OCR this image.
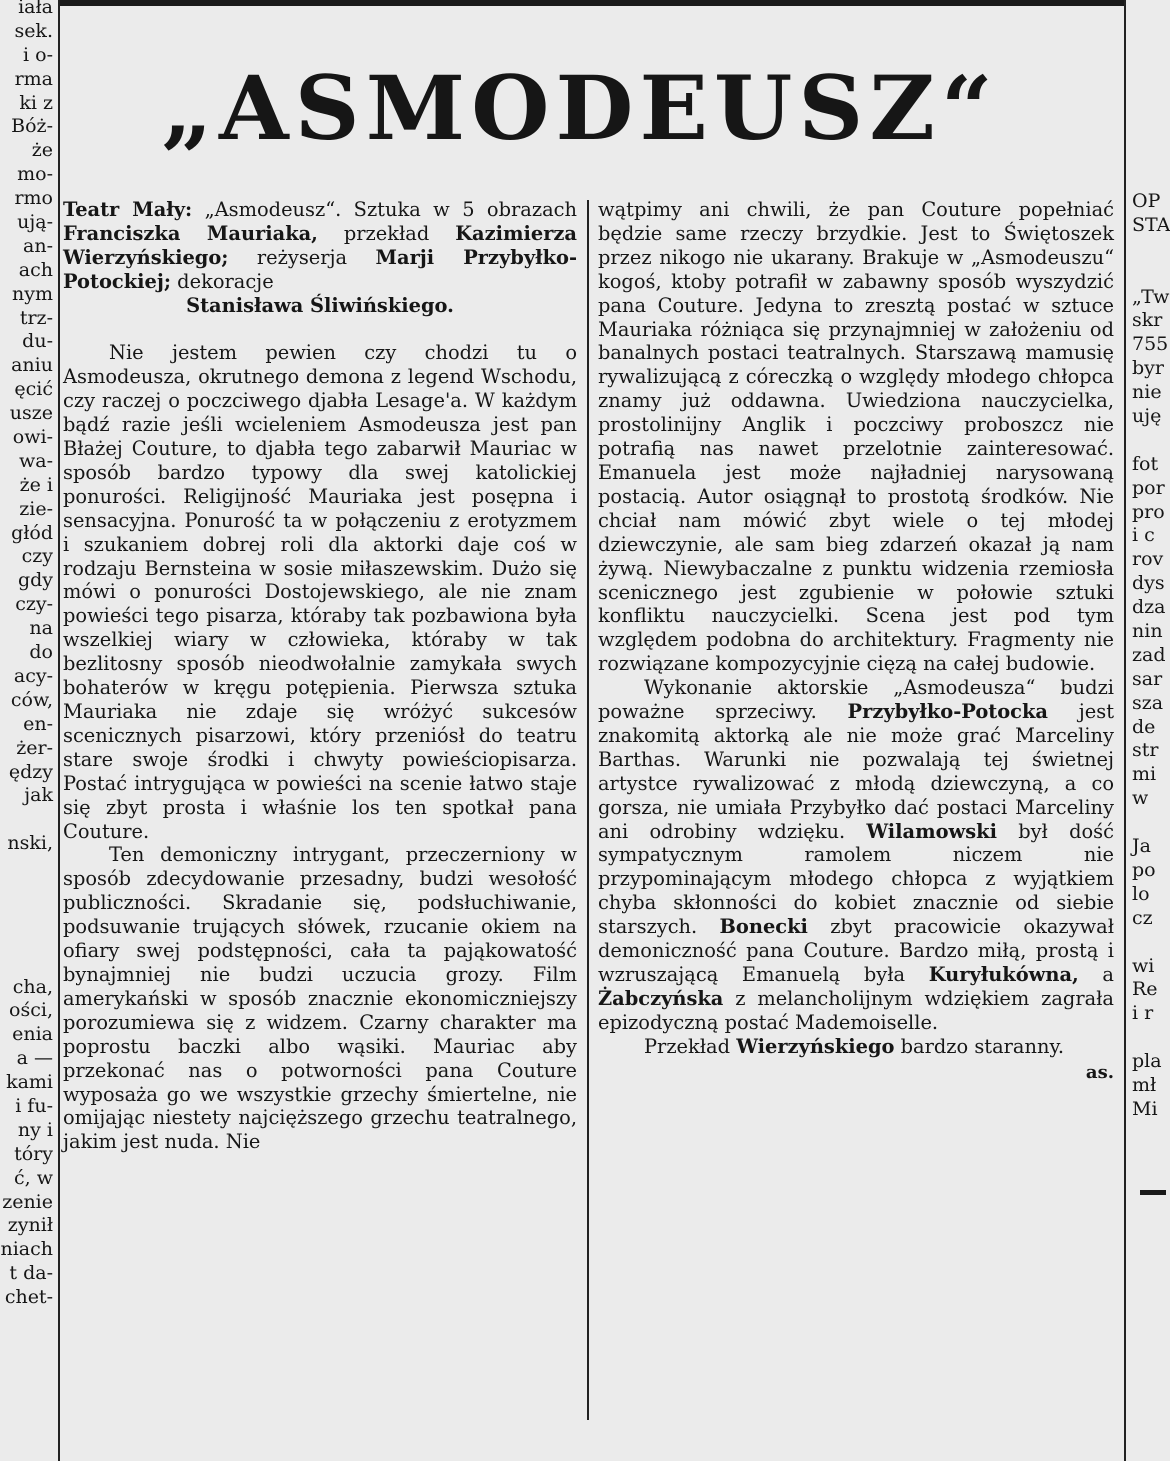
iała
sek.
i o-
rma
ki z
Bóż-
że
mo-
rmo
ują-
an-
ach
nym
trz-
du-
aniu
ęcić
usze
owi-
wa-
że i
zie-
głód
czy
gdy
czy-
na
do
acy-
ców,
en-
żer-
ędzy
jak
nski,
cha,
ości,
enia
a —
kami
i fu-
ny i
tóry
ć, w
zenie
zynił
niach
t da-
chet-
OP
STA
„Tw
skr
755
byr
nie
uję
fot
por
pro
i c
rov
dys
dza
nin
zad
sar
sza
de
str
mi
w
Ja
po
lo
cz
wi
Re
i r
pla
mł
Mi
„ASMODEUSZ“

Teatr Mały: „Asmodeusz“. Sztuka w 5 obrazach Franciszka Mauriaka, przekład Kazimierza Wierzyńskiego; reżyserja Marji Przybyłko-Potockiej; dekoracje

Stanisława Śliwińskiego.

Nie jestem pewien czy chodzi tu o Asmodeusza, okrutnego demona z legend Wschodu, czy raczej o poczciwego djabła Lesage'a. W każdym bądź razie jeśli wcieleniem Asmodeusza jest pan Błażej Couture, to djabła tego zabarwił Mauriac w sposób bardzo typowy dla swej katolickiej ponurości. Religijność Mauriaka jest posępna i sensacyjna. Ponurość ta w połączeniu z erotyzmem i szukaniem dobrej roli dla aktorki daje coś w rodzaju Bernsteina w sosie miłaszewskim. Dużo się mówi o ponurości Dostojewskiego, ale nie znam powieści tego pisarza, któraby tak pozbawiona była wszelkiej wiary w człowieka, któraby w tak bezlitosny sposób nieodwołalnie zamykała swych bohaterów w kręgu potępienia. Pierwsza sztuka Mauriaka nie zdaje się wróżyć sukcesów scenicznych pisarzowi, który przeniósł do teatru stare swoje środki i chwyty powieściopisarza. Postać intrygująca w powieści na scenie łatwo staje się zbyt prosta i właśnie los ten spotkał pana Couture.

Ten demoniczny intrygant, przeczerniony w sposób zdecydowanie przesadny, budzi wesołość publiczności. Skradanie się, podsłuchiwanie, podsuwanie trujących słówek, rzucanie okiem na ofiary swej podstępności, cała ta pająkowatość bynajmniej nie budzi uczucia grozy. Film amerykański w sposób znacznie ekonomiczniejszy porozumiewa się z widzem. Czarny charakter ma poprostu baczki albo wąsiki. Mauriac aby przekonać nas o potworności pana Couture wyposaża go we wszystkie grzechy śmiertelne, nie omijając niestety najcięższego grzechu teatralnego, jakim jest nuda. Nie

wątpimy ani chwili, że pan Couture popełniać będzie same rzeczy brzydkie. Jest to Świętoszek przez nikogo nie ukarany. Brakuje w „Asmodeuszu“ kogoś, ktoby potrafił w zabawny sposób wyszydzić pana Couture. Jedyna to zresztą postać w sztuce Mauriaka różniąca się przynajmniej w założeniu od banalnych postaci teatralnych. Starszawą mamusię rywalizującą z córeczką o względy młodego chłopca znamy już oddawna. Uwiedziona nauczycielka, prostolinijny Anglik i poczciwy proboszcz nie potrafią nas nawet przelotnie zainteresować. Emanuela jest może najładniej narysowaną postacią. Autor osiągnął to prostotą środków. Nie chciał nam mówić zbyt wiele o tej młodej dziewczynie, ale sam bieg zdarzeń okazał ją nam żywą. Niewybaczalne z punktu widzenia rzemiosła scenicznego jest zgubienie w połowie sztuki konfliktu nauczycielki. Scena jest pod tym względem podobna do architektury. Fragmenty nie rozwiązane kompozycyjnie cięzą na całej budowie.

Wykonanie aktorskie „Asmodeusza“ budzi poważne sprzeciwy. Przybyłko-Potocka jest znakomitą aktorką ale nie może grać Marceliny Barthas. Warunki nie pozwalają tej świetnej artystce rywalizować z młodą dziewczyną, a co gorsza, nie umiała Przybyłko dać postaci Marceliny ani odrobiny wdzięku. Wilamowski był dość sympatycznym ramolem niczem nie przypominającym młodego chłopca z wyjątkiem chyba skłonności do kobiet znacznie od siebie starszych. Bonecki zbyt pracowicie okazywał demoniczność pana Couture. Bardzo miłą, prostą i wzruszającą Emanuelą była Kuryłukówna, a Żabczyńska z melancholijnym wdziękiem zagrała epizodyczną postać Mademoiselle.

Przekład Wierzyńskiego bardzo staranny.

as.
